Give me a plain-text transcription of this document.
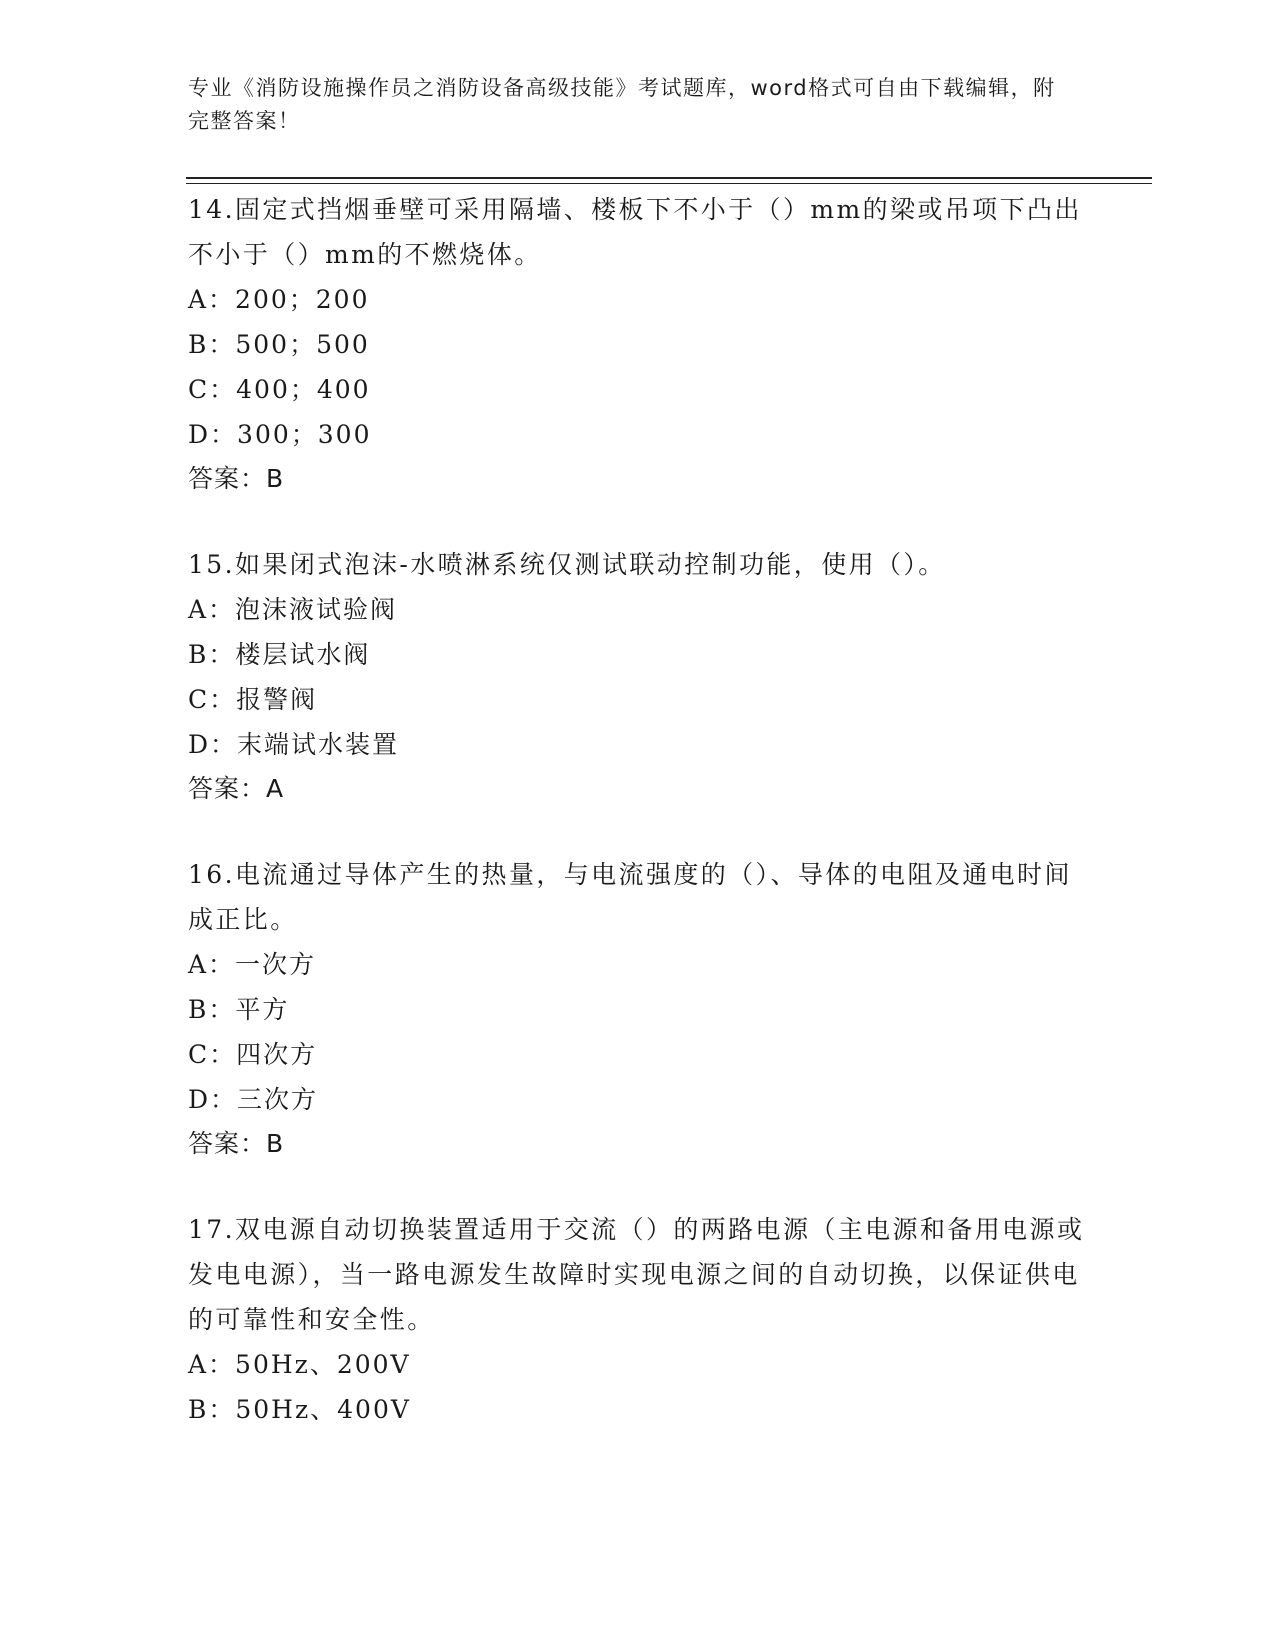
专业《消防设施操作员之消防设备高级技能》考试题库，word格式可自由下载编辑，附完整答案！
14.固定式挡烟垂壁可采用隔墙、楼板下不小于（）mm的梁或吊项下凸出不小于（）mm的不燃烧体。
A：200；200
B：500；500
C：400；400
D：300；300
答案：B
15.如果闭式泡沫-水喷淋系统仅测试联动控制功能，使用（）。
A：泡沫液试验阀
B：楼层试水阀
C：报警阀
D：末端试水装置
答案：A
16.电流通过导体产生的热量，与电流强度的（）、导体的电阻及通电时间成正比。
A：一次方
B：平方
C：四次方
D：三次方
答案：B
17.双电源自动切换装置适用于交流（）的两路电源（主电源和备用电源或发电电源），当一路电源发生故障时实现电源之间的自动切换，以保证供电的可靠性和安全性。
A：50Hz、200V
B：50Hz、400V
